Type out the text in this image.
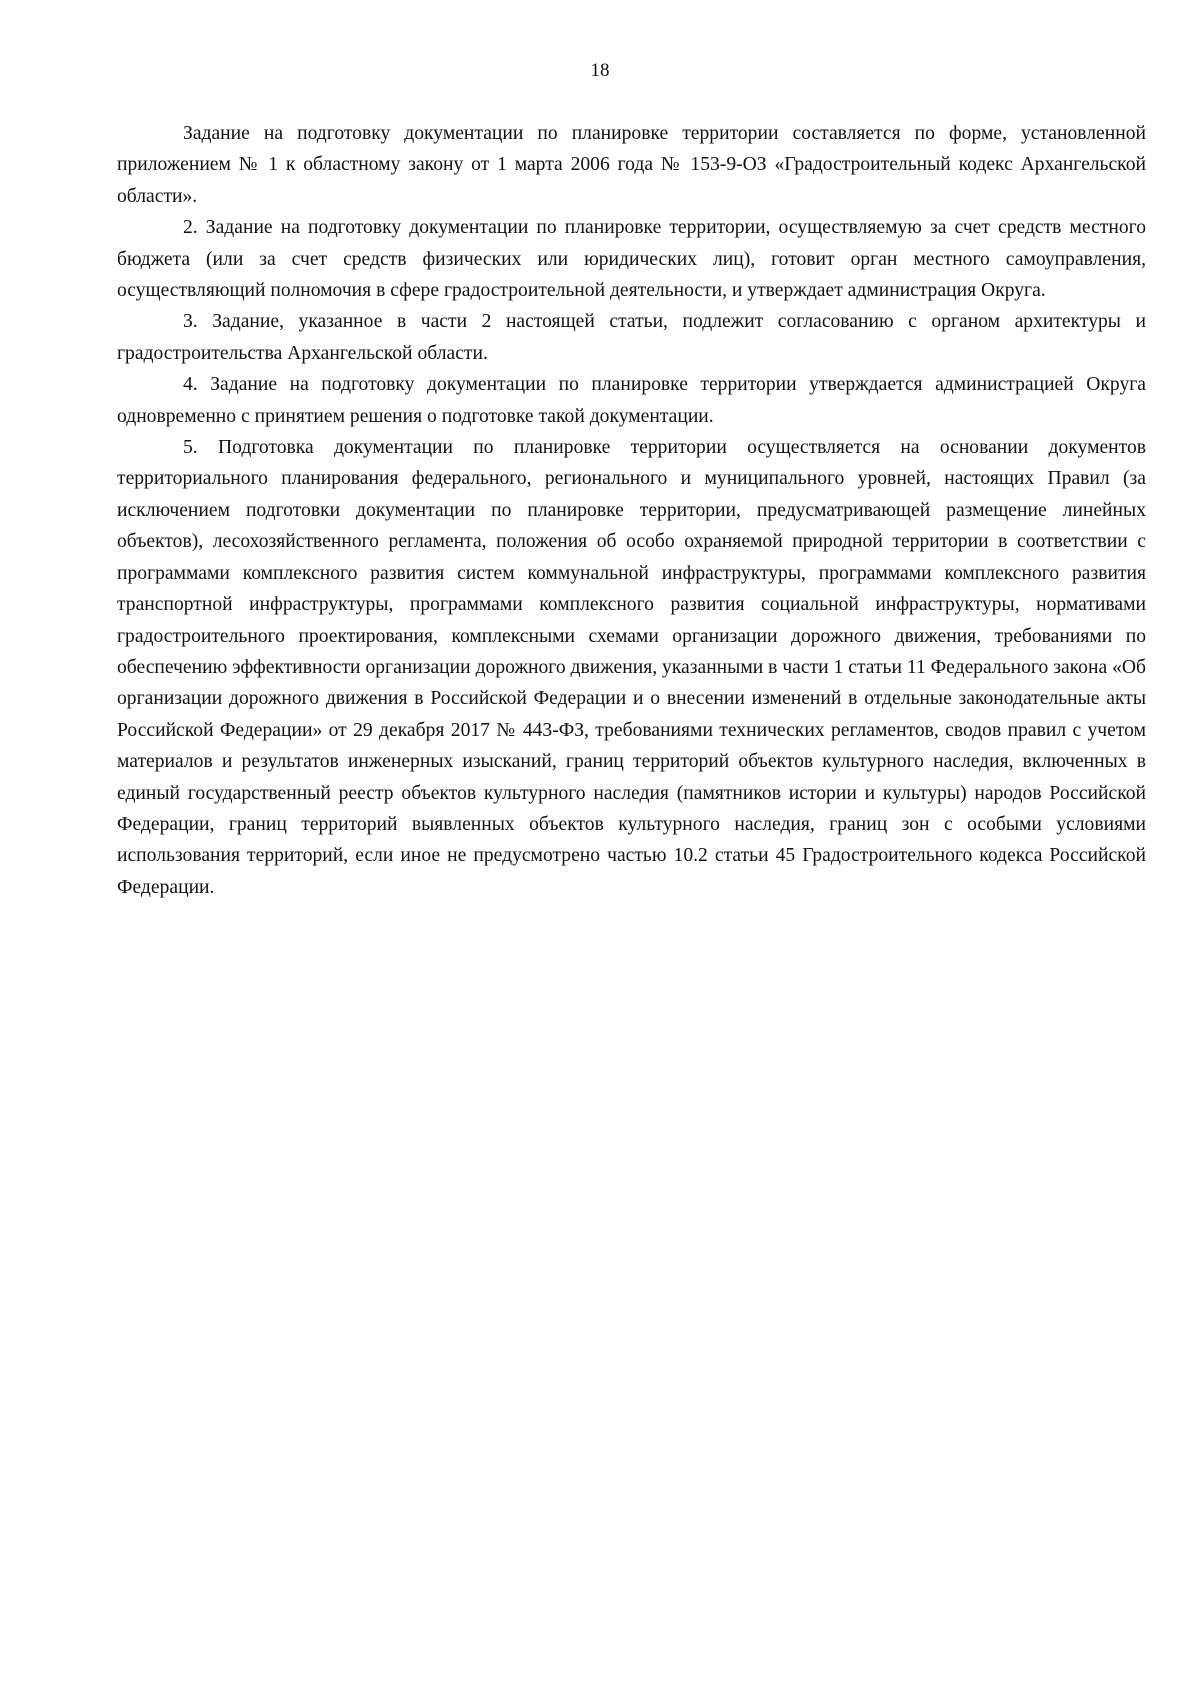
18

Задание на подготовку документации по планировке территории составляется по форме, установленной приложением № 1 к областному закону от 1 марта 2006 года № 153-9-ОЗ «Градостроительный кодекс Архангельской области».

2. Задание на подготовку документации по планировке территории, осуществляемую за счет средств местного бюджета (или за счет средств физических или юридических лиц), готовит орган местного самоуправления, осуществляющий полномочия в сфере градостроительной деятельности, и утверждает администрация Округа.

3. Задание, указанное в части 2 настоящей статьи, подлежит согласованию с органом архитектуры и градостроительства Архангельской области.

4. Задание на подготовку документации по планировке территории утверждается администрацией Округа одновременно с принятием решения о подготовке такой документации.

5. Подготовка документации по планировке территории осуществляется на основании документов территориального планирования федерального, регионального и муниципального уровней, настоящих Правил (за исключением подготовки документации по планировке территории, предусматривающей размещение линейных объектов), лесохозяйственного регламента, положения об особо охраняемой природной территории в соответствии с программами комплексного развития систем коммунальной инфраструктуры, программами комплексного развития транспортной инфраструктуры, программами комплексного развития социальной инфраструктуры, нормативами градостроительного проектирования, комплексными схемами организации дорожного движения, требованиями по обеспечению эффективности организации дорожного движения, указанными в части 1 статьи 11 Федерального закона «Об организации дорожного движения в Российской Федерации и о внесении изменений в отдельные законодательные акты Российской Федерации» от 29 декабря 2017 № 443-ФЗ, требованиями технических регламентов, сводов правил с учетом материалов и результатов инженерных изысканий, границ территорий объектов культурного наследия, включенных в единый государственный реестр объектов культурного наследия (памятников истории и культуры) народов Российской Федерации, границ территорий выявленных объектов культурного наследия, границ зон с особыми условиями использования территорий, если иное не предусмотрено частью 10.2 статьи 45 Градостроительного кодекса Российской Федерации.
